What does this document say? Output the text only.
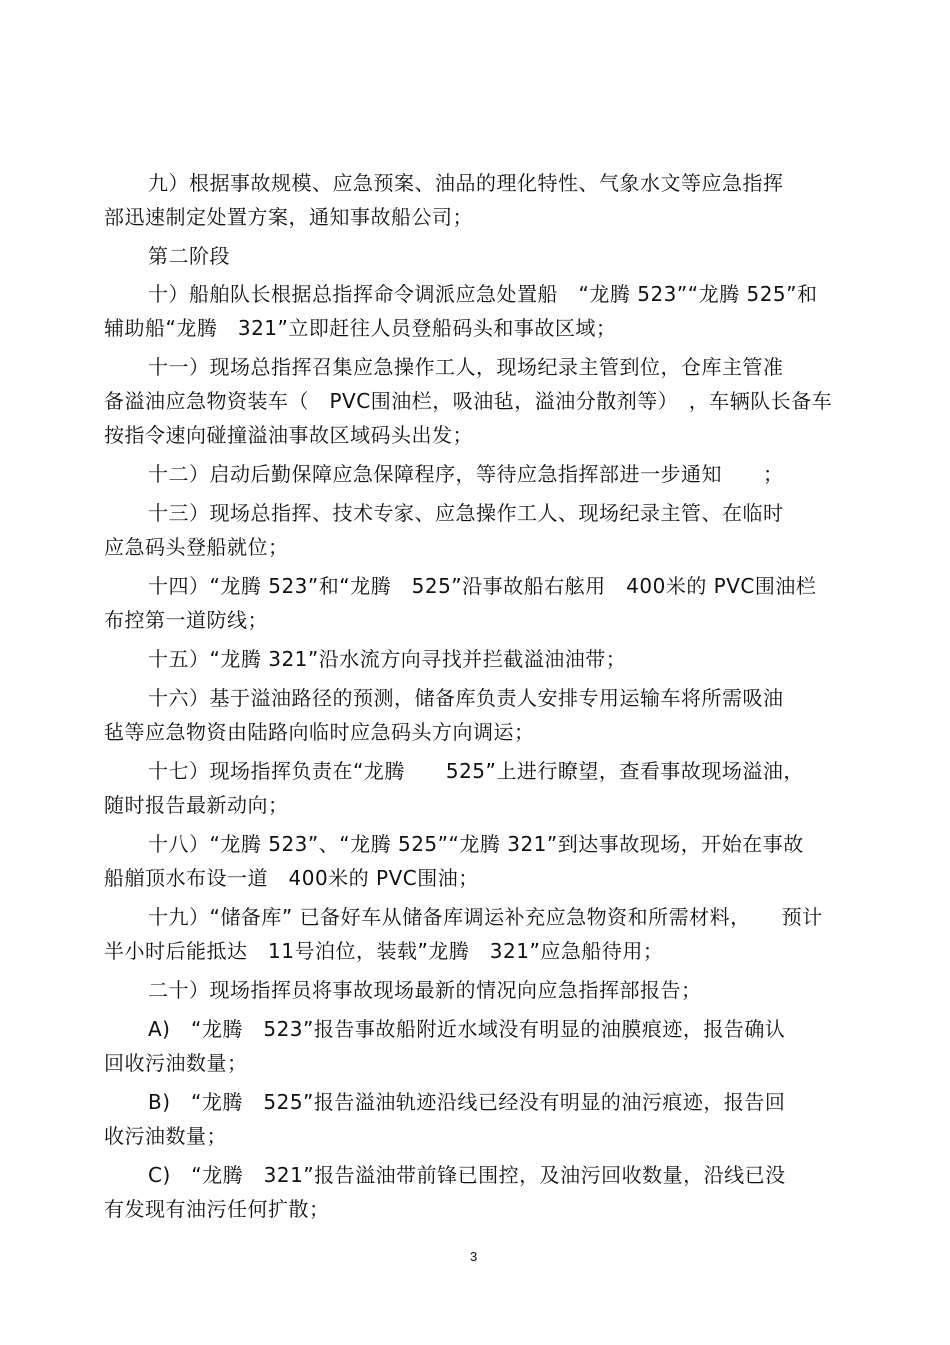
九）根据事故规模、应急预案、油品的理化特性、气象水文等应急指挥
部迅速制定处置方案，通知事故船公司；
第二阶段
十）船舶队长根据总指挥命令调派应急处置船　“龙腾 523”“龙腾 525”和
辅助船“龙腾　321”立即赶往人员登船码头和事故区域；
十一）现场总指挥召集应急操作工人，现场纪录主管到位，仓库主管准
备溢油应急物资装车（　PVC围油栏，吸油毡，溢油分散剂等）　，车辆队长备车
按指令速向碰撞溢油事故区域码头出发；
十二）启动后勤保障应急保障程序，等待应急指挥部进一步通知　　；
十三）现场总指挥、技术专家、应急操作工人、现场纪录主管、在临时
应急码头登船就位；
十四）“龙腾 523”和“龙腾　525”沿事故船右舷用　400米的 PVC围油栏
布控第一道防线；
十五）“龙腾 321”沿水流方向寻找并拦截溢油油带；
十六）基于溢油路径的预测，储备库负责人安排专用运输车将所需吸油
毡等应急物资由陆路向临时应急码头方向调运；
十七）现场指挥负责在“龙腾　　525”上进行瞭望，查看事故现场溢油，
随时报告最新动向；
十八）“龙腾 523”、“龙腾 525”“龙腾 321”到达事故现场，开始在事故
船艏顶水布设一道　400米的 PVC围油；
十九）“储备库” 已备好车从储备库调运补充应急物资和所需材料，　　预计
半小时后能抵达　11号泊位，装载”龙腾　321”应急船待用；
二十）现场指挥员将事故现场最新的情况向应急指挥部报告；
A)　“龙腾　523”报告事故船附近水域没有明显的油膜痕迹，报告确认
回收污油数量；
B)　“龙腾　525”报告溢油轨迹沿线已经没有明显的油污痕迹，报告回
收污油数量；
C)　“龙腾　321”报告溢油带前锋已围控，及油污回收数量，沿线已没
有发现有油污任何扩散；
3
